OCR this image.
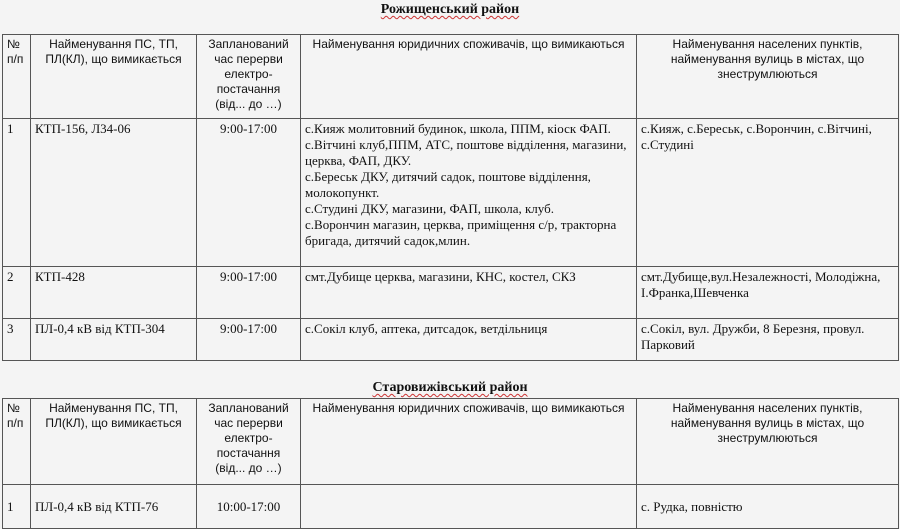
Рожищенський район
№ п/п	Найменування ПС, ТП, ПЛ(КЛ), що вимикається	Запланований час перерви електро-постачання (від... до …)	Найменування юридичних споживачів, що вимикаються	Найменування населених пунктів, найменування вулиць в містах, що знеструмлюються
1	КТП-156, Л34-06	9:00-17:00	с.Кияж молитовний будинок, школа, ППМ, кіоск ФАП.
с.Вітчині клуб,ППМ, АТС, поштове відділення, магазини, церква, ФАП, ДКУ.
с.Береськ ДКУ, дитячий садок, поштове відділення, молокопункт.
с.Студині ДКУ, магазини, ФАП, школа, клуб.
с.Ворончин магазин, церква, приміщення с/р, тракторна бригада, дитячий садок,млин.	с.Кияж, с.Береськ, с.Ворончин, с.Вітчині, с.Студині
2	КТП-428	9:00-17:00	смт.Дубище церква, магазини, КНС, костел, СКЗ	смт.Дубище,вул.Незалежності, Молодіжна, І.Франка,Шевченка
3	ПЛ-0,4 кВ від КТП-304	9:00-17:00	с.Сокіл клуб, аптека, дитсадок, ветдільниця	с.Сокіл, вул. Дружби, 8 Березня, провул. Парковий
Старовижівський район
№ п/п	Найменування ПС, ТП, ПЛ(КЛ), що вимикається	Запланований час перерви електро-постачання (від... до …)	Найменування юридичних споживачів, що вимикаються	Найменування населених пунктів, найменування вулиць в містах, що знеструмлюються
1	ПЛ-0,4 кВ від КТП-76	10:00-17:00		с. Рудка, повністю
